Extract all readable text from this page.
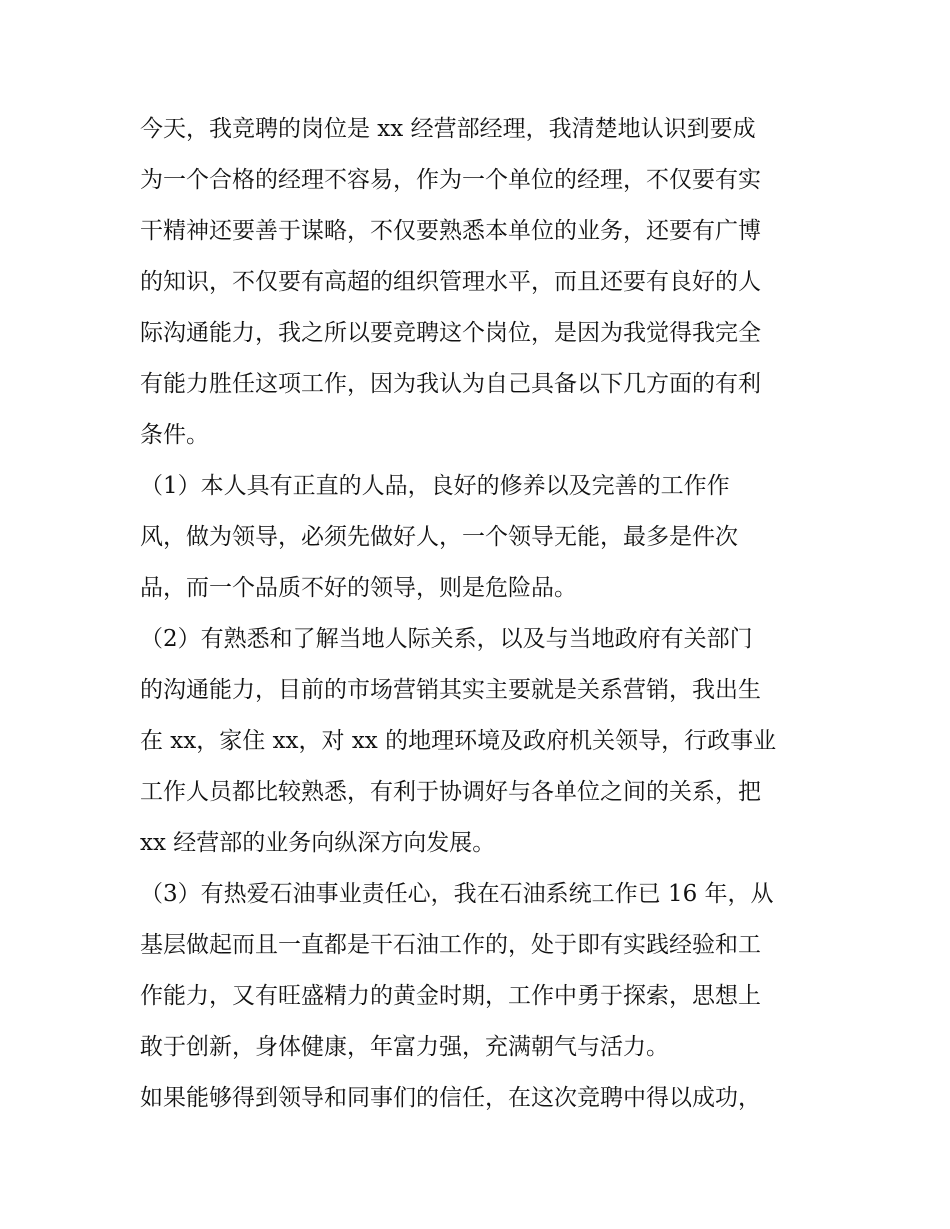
今天，我竞聘的岗位是 xx 经营部经理，我清楚地认识到要成
为一个合格的经理不容易，作为一个单位的经理，不仅要有实
干精神还要善于谋略，不仅要熟悉本单位的业务，还要有广博
的知识，不仅要有高超的组织管理水平，而且还要有良好的人
际沟通能力，我之所以要竞聘这个岗位，是因为我觉得我完全
有能力胜任这项工作，因为我认为自己具备以下几方面的有利
条件。
（1）本人具有正直的人品，良好的修养以及完善的工作作
风，做为领导，必须先做好人，一个领导无能，最多是件次
品，而一个品质不好的领导，则是危险品。
（2）有熟悉和了解当地人际关系，以及与当地政府有关部门
的沟通能力，目前的市场营销其实主要就是关系营销，我出生
在 xx，家住 xx，对 xx 的地理环境及政府机关领导，行政事业
工作人员都比较熟悉，有利于协调好与各单位之间的关系，把
xx 经营部的业务向纵深方向发展。
（3）有热爱石油事业责任心，我在石油系统工作已 16 年，从
基层做起而且一直都是干石油工作的，处于即有实践经验和工
作能力，又有旺盛精力的黄金时期，工作中勇于探索，思想上
敢于创新，身体健康，年富力强，充满朝气与活力。
如果能够得到领导和同事们的信任，在这次竞聘中得以成功，
